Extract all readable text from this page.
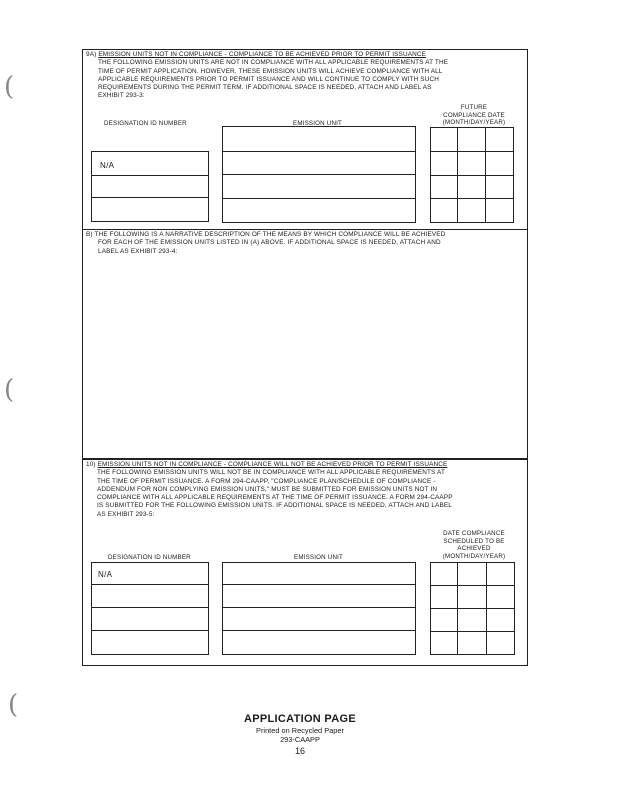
(
(
(
9A) EMISSION UNITS NOT IN COMPLIANCE - COMPLIANCE TO BE ACHIEVED PRIOR TO PERMIT ISSUANCE
THE FOLLOWING EMISSION UNITS ARE NOT IN COMPLIANCE WITH ALL APPLICABLE REQUIREMENTS AT THE
TIME OF PERMIT APPLICATION. HOWEVER, THESE EMISSION UNITS WILL ACHIEVE COMPLIANCE WITH ALL
APPLICABLE REQUIREMENTS PRIOR TO PERMIT ISSUANCE AND WILL CONTINUE TO COMPLY WITH SUCH
REQUIREMENTS DURING THE PERMIT TERM. IF ADDITIONAL SPACE IS NEEDED, ATTACH AND LABEL AS
EXHIBIT 293-3:
DESIGNATION ID NUMBER	EMISSION UNIT
FUTURE
COMPLIANCE DATE
(MONTH/DAY/YEAR)
N/A
B) THE FOLLOWING IS A NARRATIVE DESCRIPTION OF THE MEANS BY WHICH COMPLIANCE WILL BE ACHIEVED
FOR EACH OF THE EMISSION UNITS LISTED IN (A) ABOVE. IF ADDITIONAL SPACE IS NEEDED, ATTACH AND
LABEL AS EXHIBIT 293-4:
10) EMISSION UNITS NOT IN COMPLIANCE - COMPLIANCE WILL NOT BE ACHIEVED PRIOR TO PERMIT ISSUANCE
THE FOLLOWING EMISSION UNITS WILL NOT BE IN COMPLIANCE WITH ALL APPLICABLE REQUIREMENTS AT
THE TIME OF PERMIT ISSUANCE. A FORM 294-CAAPP, "COMPLIANCE PLAN/SCHEDULE OF COMPLIANCE -
ADDENDUM FOR NON COMPLYING EMISSION UNITS," MUST BE SUBMITTED FOR EMISSION UNITS NOT IN
COMPLIANCE WITH ALL APPLICABLE REQUIREMENTS AT THE TIME OF PERMIT ISSUANCE. A FORM 294-CAAPP
IS SUBMITTED FOR THE FOLLOWING EMISSION UNITS. IF ADDITIONAL SPACE IS NEEDED, ATTACH AND LABEL
AS EXHIBIT 293-5:
DESIGNATION ID NUMBER	EMISSION UNIT
DATE COMPLIANCE
SCHEDULED TO BE
ACHIEVED
(MONTH/DAY/YEAR)
N/A
APPLICATION PAGE
Printed on Recycled Paper
293-CAAPP
16
